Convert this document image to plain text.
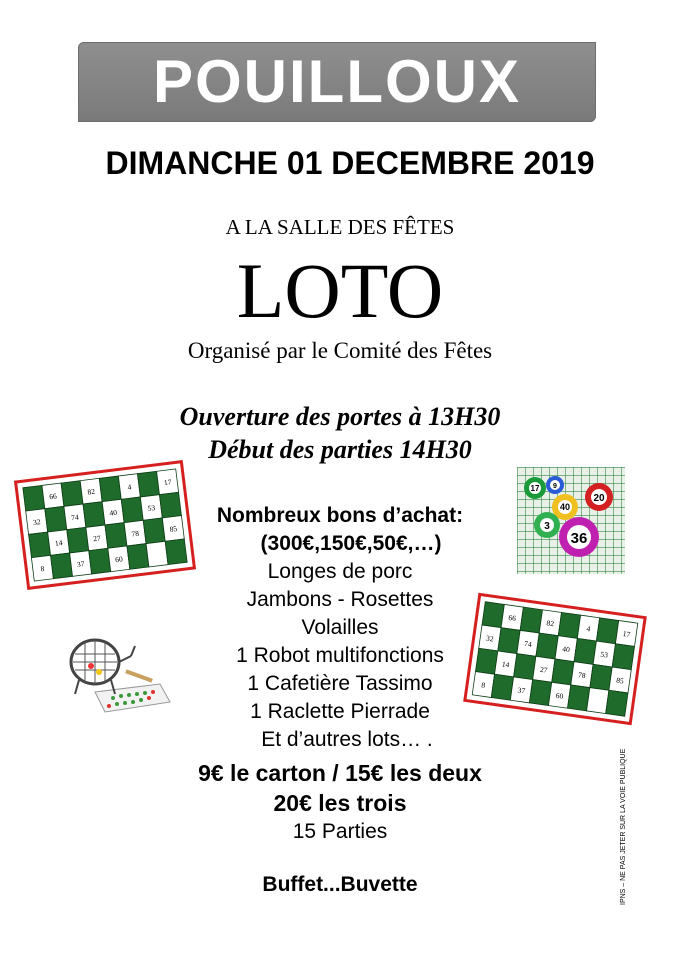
POUILLOUX
DIMANCHE 01 DECEMBRE 2019
A LA SALLE DES FÊTES
LOTO
Organisé par le Comité des Fêtes
Ouverture des portes à 13H30
Début des parties 14H30
66	82	4	17
32	74	40	53
14	27	78	85
8	37	60
66
82
4
17
32
74
40
53
14
27
78
85
8
37
60
17 9
40
20
3
36
Nombreux bons d’achat:
(300€,150€,50€,…)
Longes de porc
Jambons - Rosettes
Volailles
1 Robot multifonctions
1 Cafetière Tassimo
1 Raclette Pierrade
Et d’autres lots… .
9€ le carton / 15€ les deux
20€ les trois
15 Parties
Buffet...Buvette	IPNS – NE PAS JETER SUR LA VOIE PUBLIQUE
